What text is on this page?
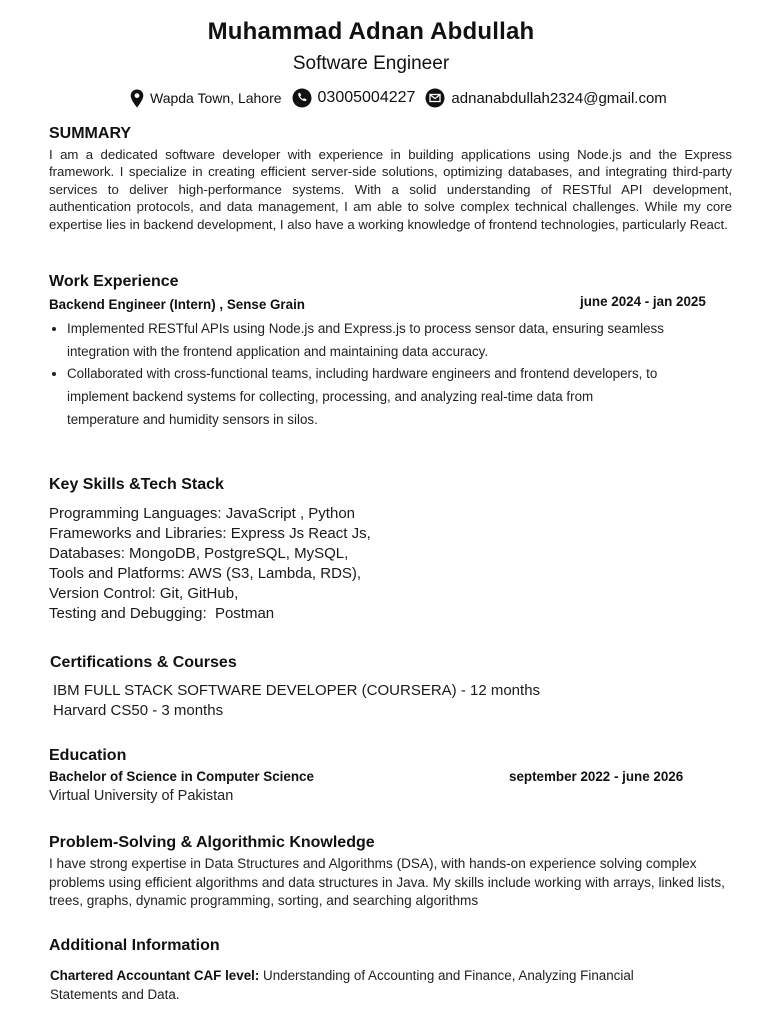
Muhammad Adnan Abdullah
Software Engineer
Wapda Town, Lahore 03005004227 adnanabdullah2324@gmail.com
SUMMARY
I am a dedicated software developer with experience in building applications using Node.js and the Express framework. I specialize in creating efficient server-side solutions, optimizing databases, and integrating third-party services to deliver high-performance systems. With a solid understanding of RESTful API development, authentication protocols, and data management, I am able to solve complex technical challenges. While my core expertise lies in backend development, I also have a working knowledge of frontend technologies, particularly React.
Work Experience
Backend Engineer (Intern) , Sense Grain	june 2024 - jan 2025
• Implemented RESTful APIs using Node.js and Express.js to process sensor data, ensuring seamless integration with the frontend application and maintaining data accuracy.
• Collaborated with cross-functional teams, including hardware engineers and frontend developers, to implement backend systems for collecting, processing, and analyzing real-time data from temperature and humidity sensors in silos.
Key Skills &Tech Stack
Programming Languages: JavaScript , Python
Frameworks and Libraries: Express Js React Js,
Databases: MongoDB, PostgreSQL, MySQL,
Tools and Platforms: AWS (S3, Lambda, RDS),
Version Control: Git, GitHub,
Testing and Debugging:  Postman
Certifications & Courses
IBM FULL STACK SOFTWARE DEVELOPER (COURSERA) - 12 months
Harvard CS50 - 3 months
Education
Bachelor of Science in Computer Science	september 2022 - june 2026
Virtual University of Pakistan
Problem-Solving & Algorithmic Knowledge
I have strong expertise in Data Structures and Algorithms (DSA), with hands-on experience solving complex problems using efficient algorithms and data structures in Java. My skills include working with arrays, linked lists, trees, graphs, dynamic programming, sorting, and searching algorithms
Additional Information
Chartered Accountant CAF level: Understanding of Accounting and Finance, Analyzing Financial Statements and Data.
